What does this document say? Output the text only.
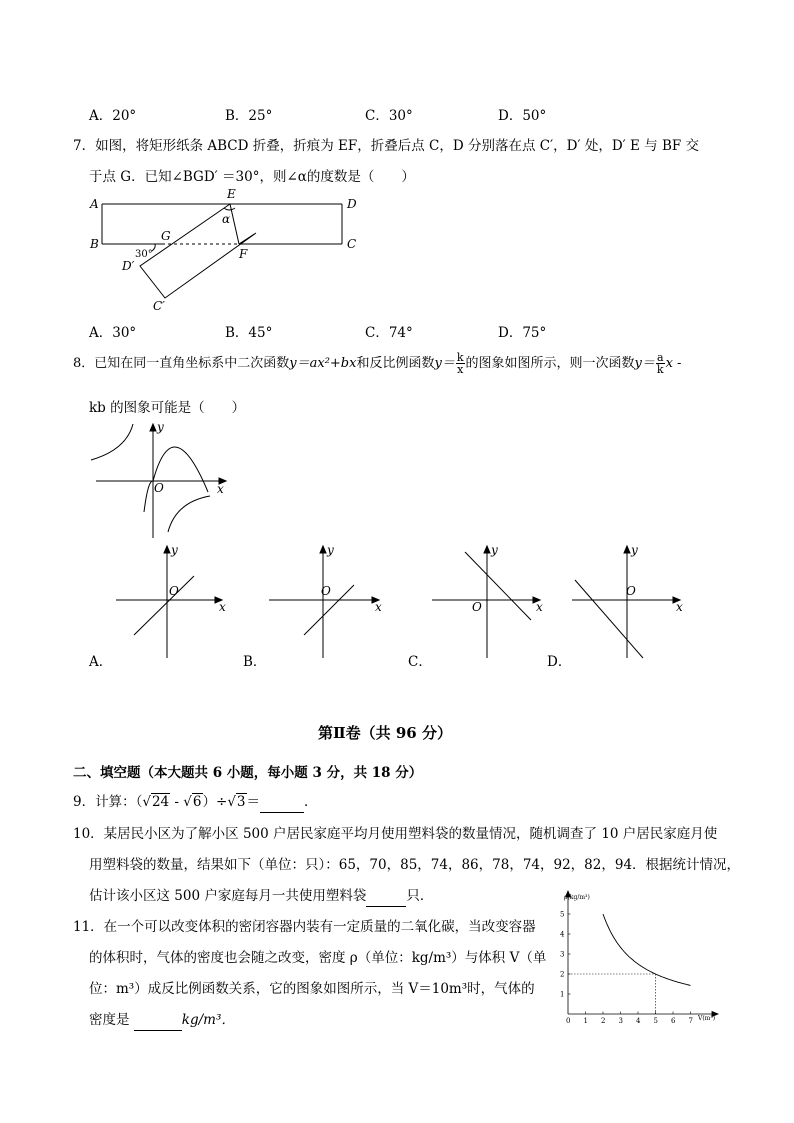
A．20°	B．25°	C．30°	D．50°
7．如图，将矩形纸条 ABCD 折叠，折痕为 EF，折叠后点 C，D 分别落在点 C′，D′ 处，D′ E 与 BF 交
于点 G．已知∠BGD′ ＝30°，则∠α的度数是（　　）
A
B
D
C
E
G
F
D′
C′
α
30°
A．30°	B．45°	C．74°	D．75°
8．已知在同一直角坐标系中二次函数y＝ax²+bx和反比例函数$y= \frac{k}{x}$ 的图象如图所示，则一次函数$y= \frac{a}{k}$ x -
kb 的图象可能是（　　）
y
x
O
y
x
O
y
x
O
y
x
O
y
x
O
A．	B．	C．	D．
第Ⅱ卷（共 96 分）
二、填空题（本大题共 6 小题，每小题 3 分，共 18 分）
9．计算：（√24 - √6）÷√3＝	．
10．某居民小区为了解小区 500 户居民家庭平均月使用塑料袋的数量情况，随机调查了 10 户居民家庭月使
用塑料袋的数量，结果如下（单位：只）：65，70，85，74，86，78，74，92，82，94．根据统计情况，
估计该小区这 500 户家庭每月一共使用塑料袋	只．
11．在一个可以改变体积的密闭容器内装有一定质量的二氧化碳，当改变容器
的体积时，气体的密度也会随之改变，密度 ρ（单位：kg/m³）与体积 V（单
位：m³）成反比例函数关系，它的图象如图所示，当 V＝10m³时，气体的
密度是	kg/m³．	0 1 2 3 4 5 6 7
1
2
3
4
5
ρ(kg/m³)
V(m³)
